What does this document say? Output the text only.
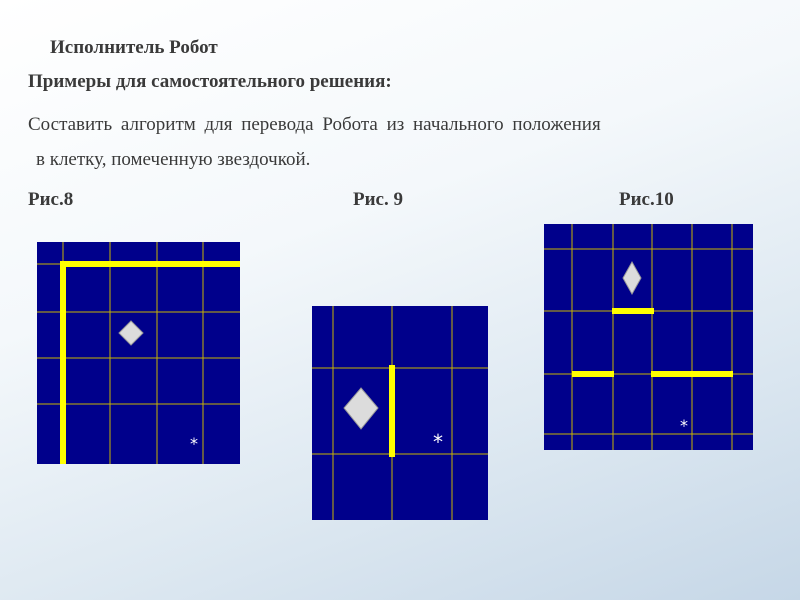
Исполнитель Робот
Примеры для самостоятельного решения:
Составить алгоритм для перевода Робота из начального положения
в клетку, помеченную звездочкой.
Рис.8	Рис. 9	Рис.10
*	*
*
